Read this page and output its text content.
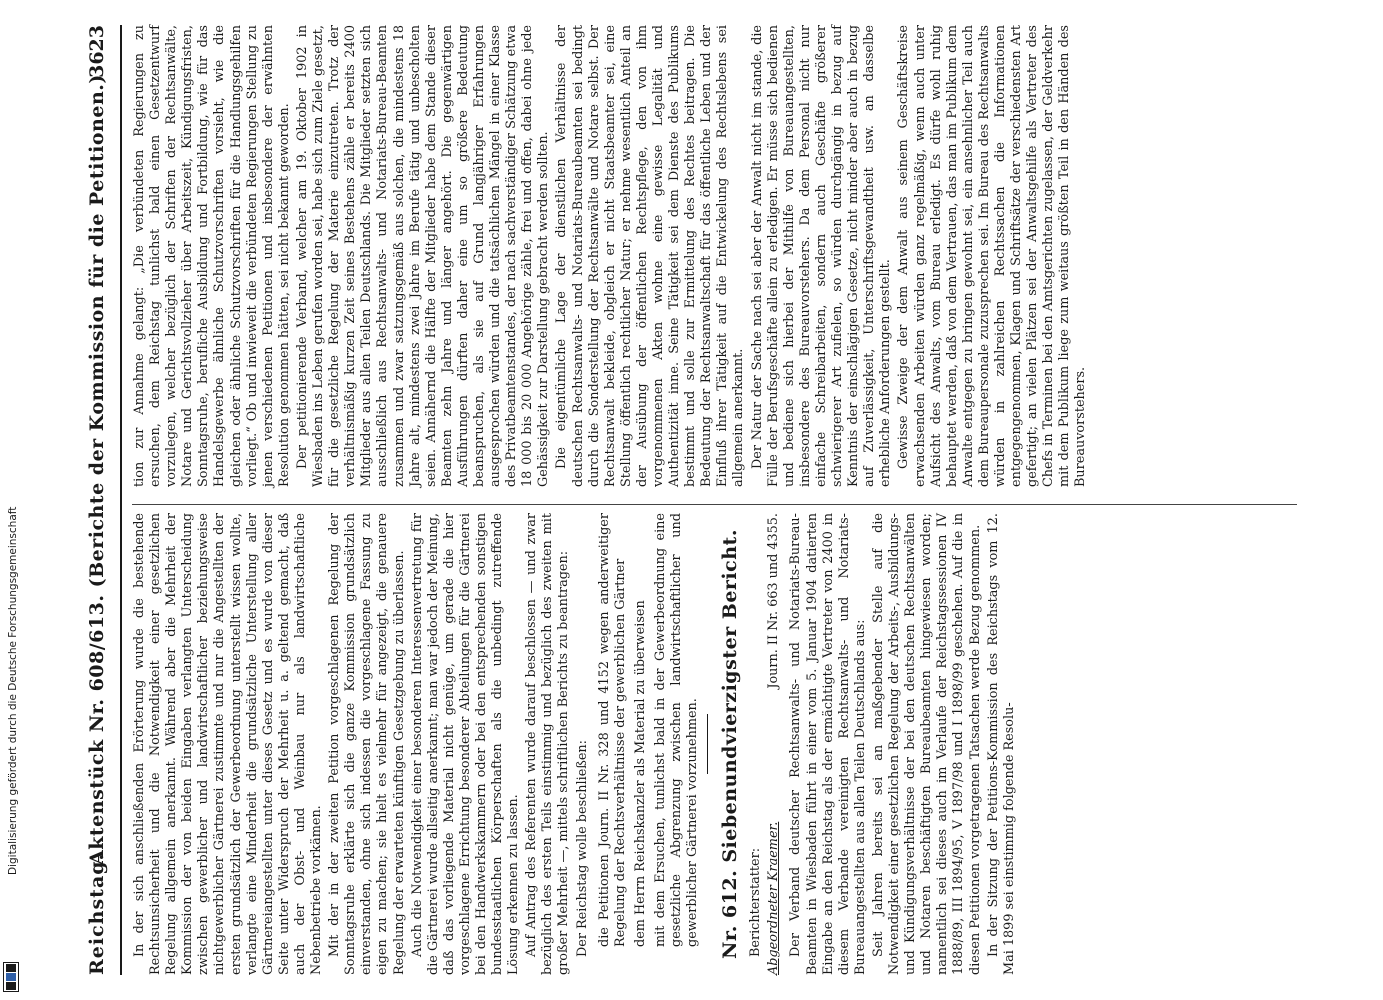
Digitalisierung gefördert durch die Deutsche Forschungsgemeinschaft
Reichstag.
Aktenstück Nr. 608/613. (Berichte der Kommission für die Petitionen.)
3623

In der sich anschließenden Erörterung wurde die bestehende Rechtsunsicherheit und die Notwendigkeit einer gesetzlichen Regelung allgemein anerkannt. Während aber die Mehrheit der Kommission der von beiden Eingaben verlangten Unterscheidung zwischen gewerblicher und landwirtschaftlicher beziehungsweise nichtgewerblicher Gärtnerei zustimmte und nur die Angestellten der ersten grundsätzlich der Gewerbeordnung unterstellt wissen wollte, verlangte eine Minderheit die grundsätzliche Unterstellung aller Gärtnereiangestellten unter dieses Gesetz und es wurde von dieser Seite unter Widerspruch der Mehrheit u. a. geltend gemacht, daß auch der Obst- und Weinbau nur als landwirtschaftliche Nebenbetriebe vorkämen. Mit der in der zweiten Petition vorgeschlagenen Regelung der Sonntagsruhe erklärte sich die ganze Kommission grundsätzlich einverstanden, ohne sich indessen die vorgeschlagene Fassung zu eigen zu machen; sie hielt es vielmehr für angezeigt, die genauere Regelung der erwarteten künftigen Gesetzgebung zu überlassen. Auch die Notwendigkeit einer besonderen Interessenvertretung für die Gärtnerei wurde allseitig anerkannt; man war jedoch der Meinung, daß das vorliegende Material nicht genüge, um gerade die hier vorgeschlagene Errichtung besonderer Abteilungen für die Gärtnerei bei den Handwerkskammern oder bei den entsprechenden sonstigen bundesstaatlichen Körperschaften als die unbedingt zutreffende Lösung erkennen zu lassen. Auf Antrag des Referenten wurde darauf beschlossen — und zwar bezüglich des ersten Teils einstimmig und bezüglich des zweiten mit großer Mehrheit —, mittels schriftlichen Berichts zu beantragen: Der Reichstag wolle beschließen: die Petitionen Journ. II Nr. 328 und 4152 wegen anderweitiger Regelung der Rechtsverhältnisse der gewerblichen Gärtner dem Herrn Reichskanzler als Material zu überweisen mit dem Ersuchen, tunlichst bald in der Gewerbeordnung eine gesetzliche Abgrenzung zwischen landwirtschaftlicher und gewerblicher Gärtnerei vorzunehmen. Nr. 612. Siebenundvierzigster Bericht. Berichterstatter: Abgeordneter Kraemer.
Journ. II Nr. 663 und 4355. Der Verband deutscher Rechtsanwalts- und Notariats-Bureau-Beamten in Wiesbaden führt in einer vom 5. Januar 1904 datierten Eingabe an den Reichstag als der ermächtigte Vertreter von 2400 in diesem Verbande vereinigten Rechtsanwalts- und Notariats-Bureauangestellten aus allen Teilen Deutschlands aus: Seit Jahren bereits sei an maßgebender Stelle auf die Notwendigkeit einer gesetzlichen Regelung der Arbeits-, Ausbildungs- und Kündigungsverhältnisse der bei den deutschen Rechtsanwälten und Notaren beschäftigten Bureaubeamten hingewiesen worden; namentlich sei dieses auch im Verlaufe der Reichstagssessionen IV 1888/89, III 1894/95, V 1897/98 und I 1898/99 geschehen. Auf die in diesen Petitionen vorgetragenen Tatsachen werde Bezug genommen. In der Sitzung der Petitions-Kommission des Reichstags vom 12. Mai 1899 sei einstimmig folgende Resolu-

tion zur Annahme gelangt: „Die verbündeten Regierungen zu ersuchen, dem Reichstag tunlichst bald einen Gesetzentwurf vorzulegen, welcher bezüglich der Schriften der Rechtsanwälte, Notare und Gerichtsvollzieher über Arbeitszeit, Kündigungsfristen, Sonntagsruhe, berufliche Ausbildung und Fortbildung, wie für das Handelsgewerbe ähnliche Schutzvorschriften vorsieht, wie die gleichen oder ähnliche Schutzvorschriften für die Handlungsgehilfen vorliegt.“ Ob und inwieweit die verbündeten Regierungen Stellung zu jenen verschiedenen Petitionen und insbesondere der erwähnten Resolution genommen hätten, sei nicht bekannt geworden. Der petitionierende Verband, welcher am 19. Oktober 1902 in Wiesbaden ins Leben gerufen worden sei, habe sich zum Ziele gesetzt, für die gesetzliche Regelung der Materie einzutreten. Trotz der verhältnismäßig kurzen Zeit seines Bestehens zähle er bereits 2400 Mitglieder aus allen Teilen Deutschlands. Die Mitglieder setzten sich ausschließlich aus Rechtsanwalts- und Notariats-Bureau-Beamten zusammen und zwar satzungsgemäß aus solchen, die mindestens 18 Jahre alt, mindestens zwei Jahre im Berufe tätig und unbescholten seien. Annähernd die Hälfte der Mitglieder habe dem Stande dieser Beamten zehn Jahre und länger angehört. Die gegenwärtigen Ausführungen dürften daher eine um so größere Bedeutung beanspruchen, als sie auf Grund langjähriger Erfahrungen ausgesprochen würden und die tatsächlichen Mängel in einer Klasse des Privatbeamtenstandes, der nach sachverständiger Schätzung etwa 18 000 bis 20 000 Angehörige zähle, frei und offen, dabei ohne jede Gehässigkeit zur Darstellung gebracht werden sollten. Die eigentümliche Lage der dienstlichen Verhältnisse der deutschen Rechtsanwalts- und Notariats-Bureaubeamten sei bedingt durch die Sonderstellung der Rechtsanwälte und Notare selbst. Der Rechtsanwalt bekleide, obgleich er nicht Staatsbeamter sei, eine Stellung öffentlich rechtlicher Natur; er nehme wesentlich Anteil an der Ausübung der öffentlichen Rechtspflege, den von ihm vorgenommenen Akten wohne eine gewisse Legalität und Authentizität inne. Seine Tätigkeit sei dem Dienste des Publikums bestimmt und solle zur Ermittelung des Rechtes beitragen. Die Bedeutung der Rechtsanwaltschaft für das öffentliche Leben und der Einfluß ihrer Tätigkeit auf die Entwickelung des Rechtslebens sei allgemein anerkannt. Der Natur der Sache nach sei aber der Anwalt nicht im stande, die Fülle der Berufsgeschäfte allein zu erledigen. Er müsse sich bedienen und bediene sich hierbei der Mithilfe von Bureauangestellten, insbesondere des Bureauvorstehers. Da dem Personal nicht nur einfache Schreibarbeiten, sondern auch Geschäfte größerer schwierigerer Art zufielen, so würden durchgängig in bezug auf Kenntnis der einschlägigen Gesetze, nicht minder aber auch in bezug auf Zuverlässigkeit, Unterschriftsgewandtheit usw. an dasselbe erhebliche Anforderungen gestellt. Gewisse Zweige der dem Anwalt aus seinem Geschäftskreise erwachsenden Arbeiten würden ganz regelmäßig, wenn auch unter Aufsicht des Anwalts, vom Bureau erledigt. Es dürfe wohl ruhig behauptet werden, daß von dem Vertrauen, das man im Publikum dem Anwalte entgegen zu bringen gewohnt sei, ein ansehnlicher Teil auch dem Bureaupersonale zuzusprechen sei. Im Bureau des Rechtsanwalts würden in zahlreichen Rechtssachen die Informationen entgegengenommen, Klagen und Schriftsätze der verschiedensten Art gefertigt; an vielen Plätzen sei der Anwaltsgehilfe als Vertreter des Chefs in Terminen bei den Amtsgerichten zugelassen, der Geldverkehr mit dem Publikum liege zum weitaus größten Teil in den Händen des Bureauvorstehers.
